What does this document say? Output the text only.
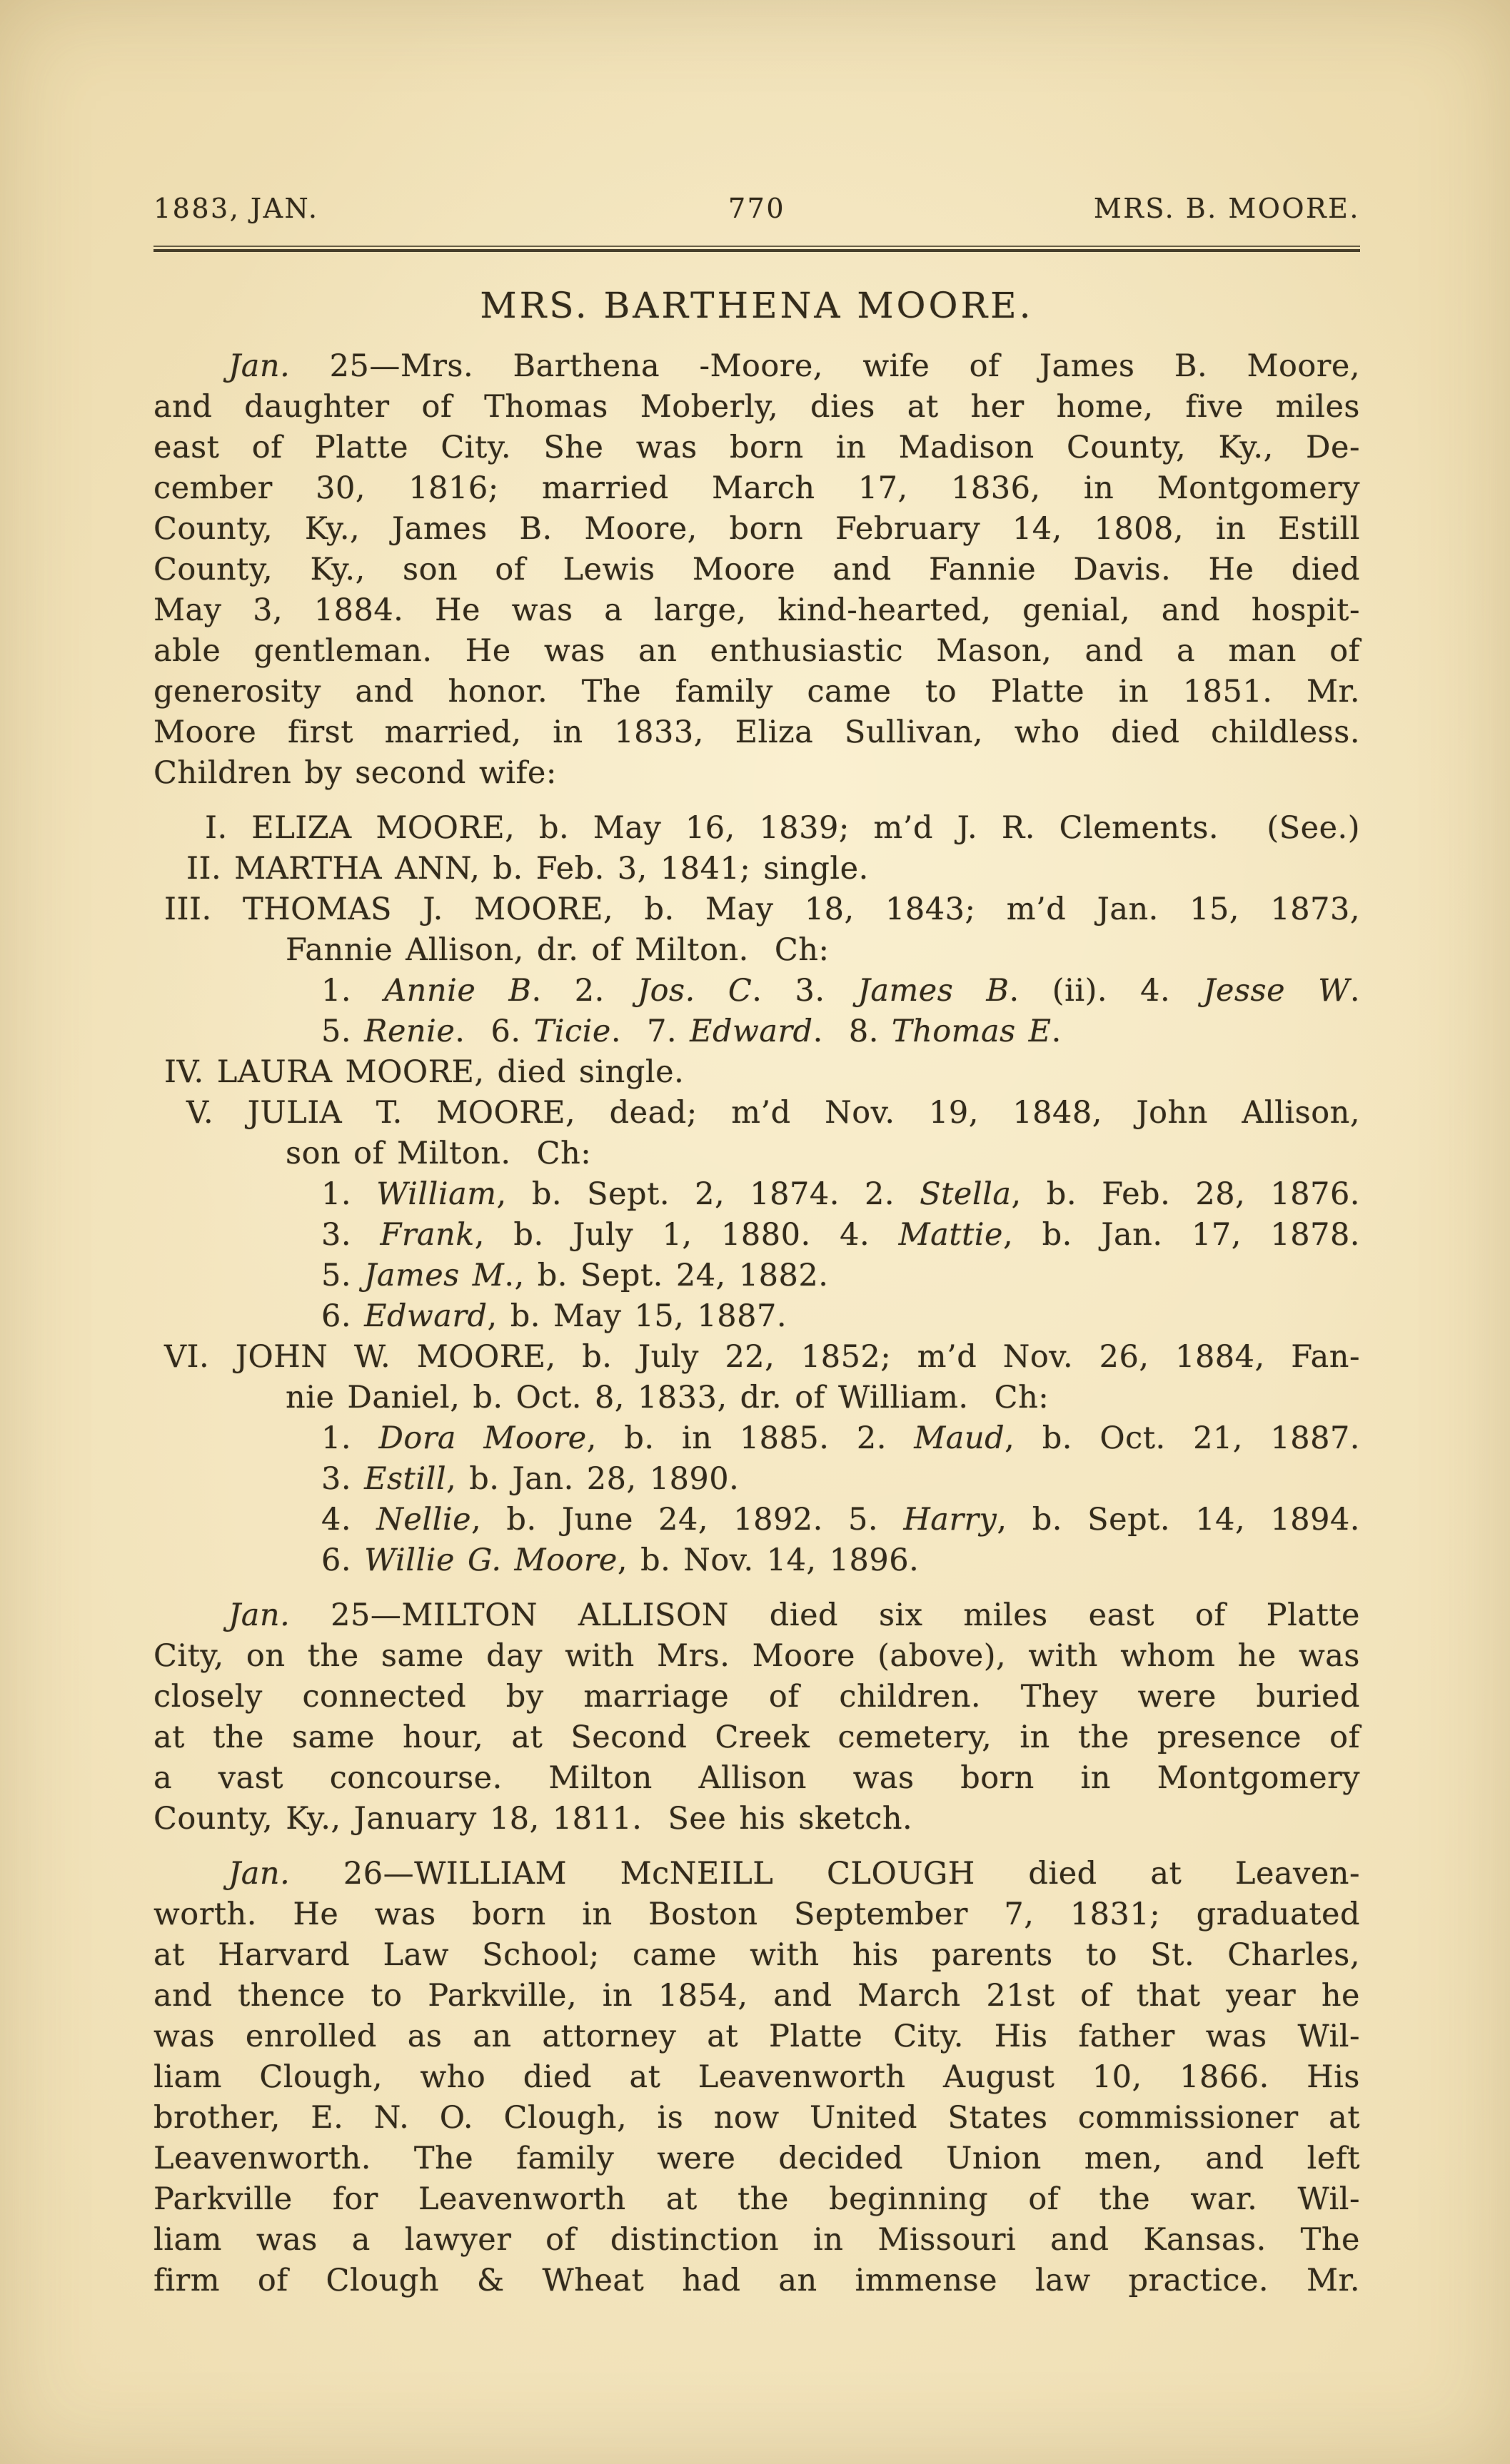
1883, JAN.	770	MRS. B. MOORE.
MRS. BARTHENA MOORE.
Jan. 25—Mrs. Barthena -Moore, wife of James B. Moore,
and daughter of Thomas Moberly, dies at her home, five miles
east of Platte City. She was born in Madison County, Ky., De-
cember 30, 1816; married March 17, 1836, in Montgomery
County, Ky., James B. Moore, born February 14, 1808, in Estill
County, Ky., son of Lewis Moore and Fannie Davis. He died
May 3, 1884. He was a large, kind-hearted, genial, and hospit-
able gentleman. He was an enthusiastic Mason, and a man of
generosity and honor. The family came to Platte in 1851. Mr.
Moore first married, in 1833, Eliza Sullivan, who died childless.
Children by second wife:
I. ELIZA MOORE, b. May 16, 1839; m’d J. R. Clements.  (See.)
II. MARTHA ANN, b. Feb. 3, 1841; single.
III. THOMAS J. MOORE, b. May 18, 1843; m’d Jan. 15, 1873,
Fannie Allison, dr. of Milton.  Ch:
1. Annie B. 2. Jos. C. 3. James B. (ii). 4. Jesse W.
5. Renie.  6. Ticie.  7. Edward.  8. Thomas E.
IV. LAURA MOORE, died single.
V. JULIA T. MOORE, dead; m’d Nov. 19, 1848, John Allison,
son of Milton.  Ch:
1. William, b. Sept. 2, 1874. 2. Stella, b. Feb. 28, 1876.
3. Frank, b. July 1, 1880. 4. Mattie, b. Jan. 17, 1878.
5. James M., b. Sept. 24, 1882.
6. Edward, b. May 15, 1887.
VI. JOHN W. MOORE, b. July 22, 1852; m’d Nov. 26, 1884, Fan-
nie Daniel, b. Oct. 8, 1833, dr. of William.  Ch:
1. Dora Moore, b. in 1885. 2. Maud, b. Oct. 21, 1887.
3. Estill, b. Jan. 28, 1890.
4. Nellie, b. June 24, 1892. 5. Harry, b. Sept. 14, 1894.
6. Willie G. Moore, b. Nov. 14, 1896.
Jan. 25—MILTON ALLISON died six miles east of Platte
City, on the same day with Mrs. Moore (above), with whom he was
closely connected by marriage of children. They were buried
at the same hour, at Second Creek cemetery, in the presence of
a vast concourse. Milton Allison was born in Montgomery
County, Ky., January 18, 1811.  See his sketch.
Jan. 26—WILLIAM McNEILL CLOUGH died at Leaven-
worth. He was born in Boston September 7, 1831; graduated
at Harvard Law School; came with his parents to St. Charles,
and thence to Parkville, in 1854, and March 21st of that year he
was enrolled as an attorney at Platte City. His father was Wil-
liam Clough, who died at Leavenworth August 10, 1866. His
brother, E. N. O. Clough, is now United States commissioner at
Leavenworth. The family were decided Union men, and left
Parkville for Leavenworth at the beginning of the war. Wil-
liam was a lawyer of distinction in Missouri and Kansas. The
firm of Clough & Wheat had an immense law practice. Mr.
